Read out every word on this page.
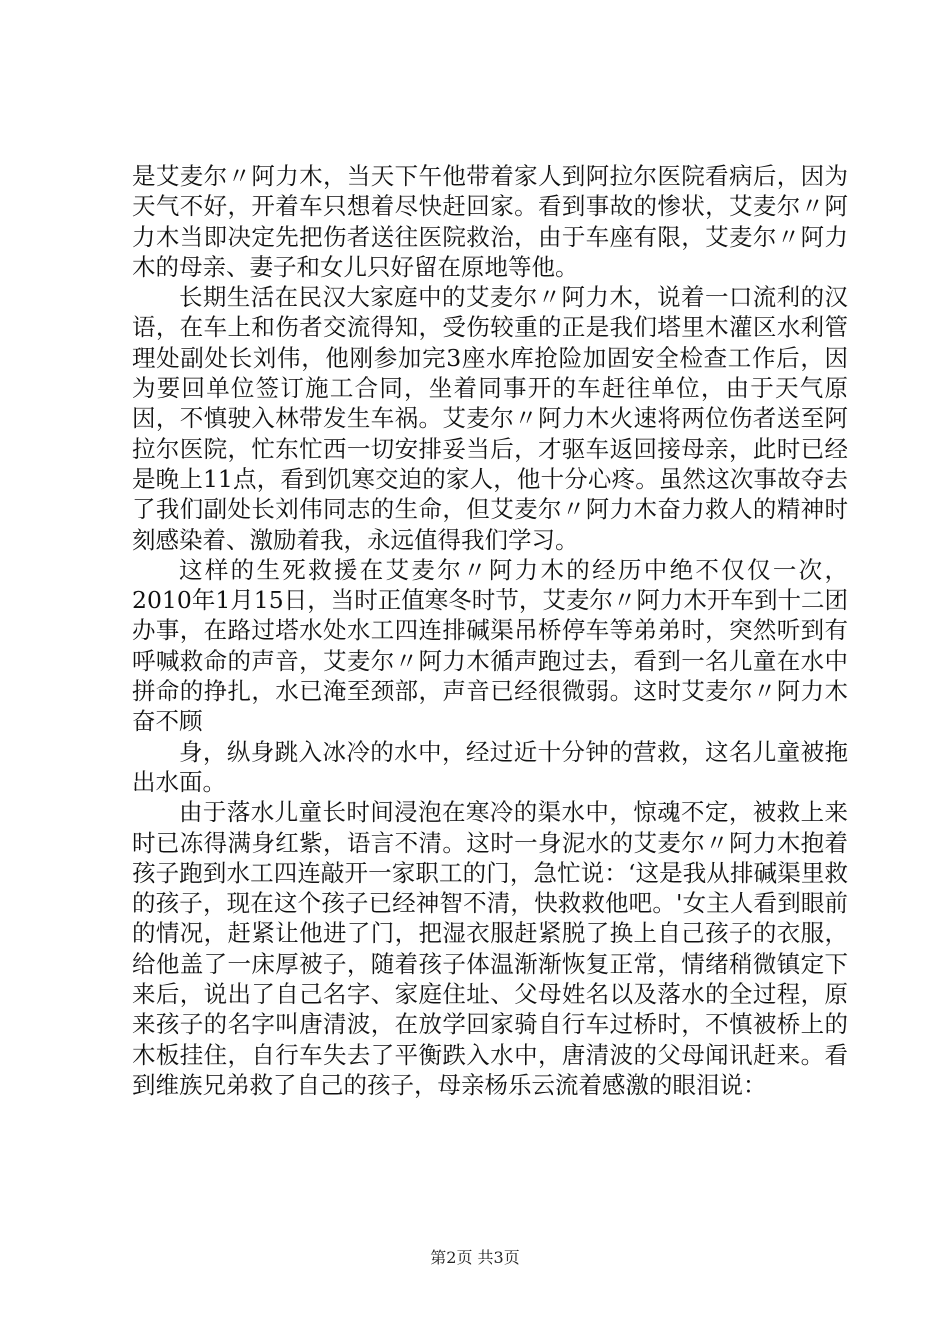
是艾麦尔〃阿力木，当天下午他带着家人到阿拉尔医院看病后，因为天气不好，开着车只想着尽快赶回家。看到事故的惨状，艾麦尔〃阿力木当即决定先把伤者送往医院救治，由于车座有限，艾麦尔〃阿力木的母亲、妻子和女儿只好留在原地等他。

长期生活在民汉大家庭中的艾麦尔〃阿力木，说着一口流利的汉语，在车上和伤者交流得知，受伤较重的正是我们塔里木灌区水利管理处副处长刘伟，他刚参加完3座水库抢险加固安全检查工作后，因为要回单位签订施工合同，坐着同事开的车赶往单位，由于天气原因，不慎驶入林带发生车祸。艾麦尔〃阿力木火速将两位伤者送至阿拉尔医院，忙东忙西一切安排妥当后，才驱车返回接母亲，此时已经是晚上11点，看到饥寒交迫的家人，他十分心疼。虽然这次事故夺去了我们副处长刘伟同志的生命，但艾麦尔〃阿力木奋力救人的精神时刻感染着、激励着我，永远值得我们学习。

这样的生死救援在艾麦尔〃阿力木的经历中绝不仅仅一次，2010年1月15日，当时正值寒冬时节，艾麦尔〃阿力木开车到十二团办事，在路过塔水处水工四连排碱渠吊桥停车等弟弟时，突然听到有呼喊救命的声音，艾麦尔〃阿力木循声跑过去，看到一名儿童在水中拼命的挣扎，水已淹至颈部，声音已经很微弱。这时艾麦尔〃阿力木奋不顾

身，纵身跳入冰冷的水中，经过近十分钟的营救，这名儿童被拖出水面。

由于落水儿童长时间浸泡在寒冷的渠水中，惊魂不定，被救上来时已冻得满身红紫，语言不清。这时一身泥水的艾麦尔〃阿力木抱着孩子跑到水工四连敲开一家职工的门，急忙说：‘这是我从排碱渠里救的孩子，现在这个孩子已经神智不清，快救救他吧。'女主人看到眼前的情况，赶紧让他进了门，把湿衣服赶紧脱了换上自己孩子的衣服，给他盖了一床厚被子，随着孩子体温渐渐恢复正常，情绪稍微镇定下来后，说出了自己名字、家庭住址、父母姓名以及落水的全过程，原来孩子的名字叫唐清波，在放学回家骑自行车过桥时，不慎被桥上的木板挂住，自行车失去了平衡跌入水中，唐清波的父母闻讯赶来。看到维族兄弟救了自己的孩子，母亲杨乐云流着感激的眼泪说：

第2页 共3页
